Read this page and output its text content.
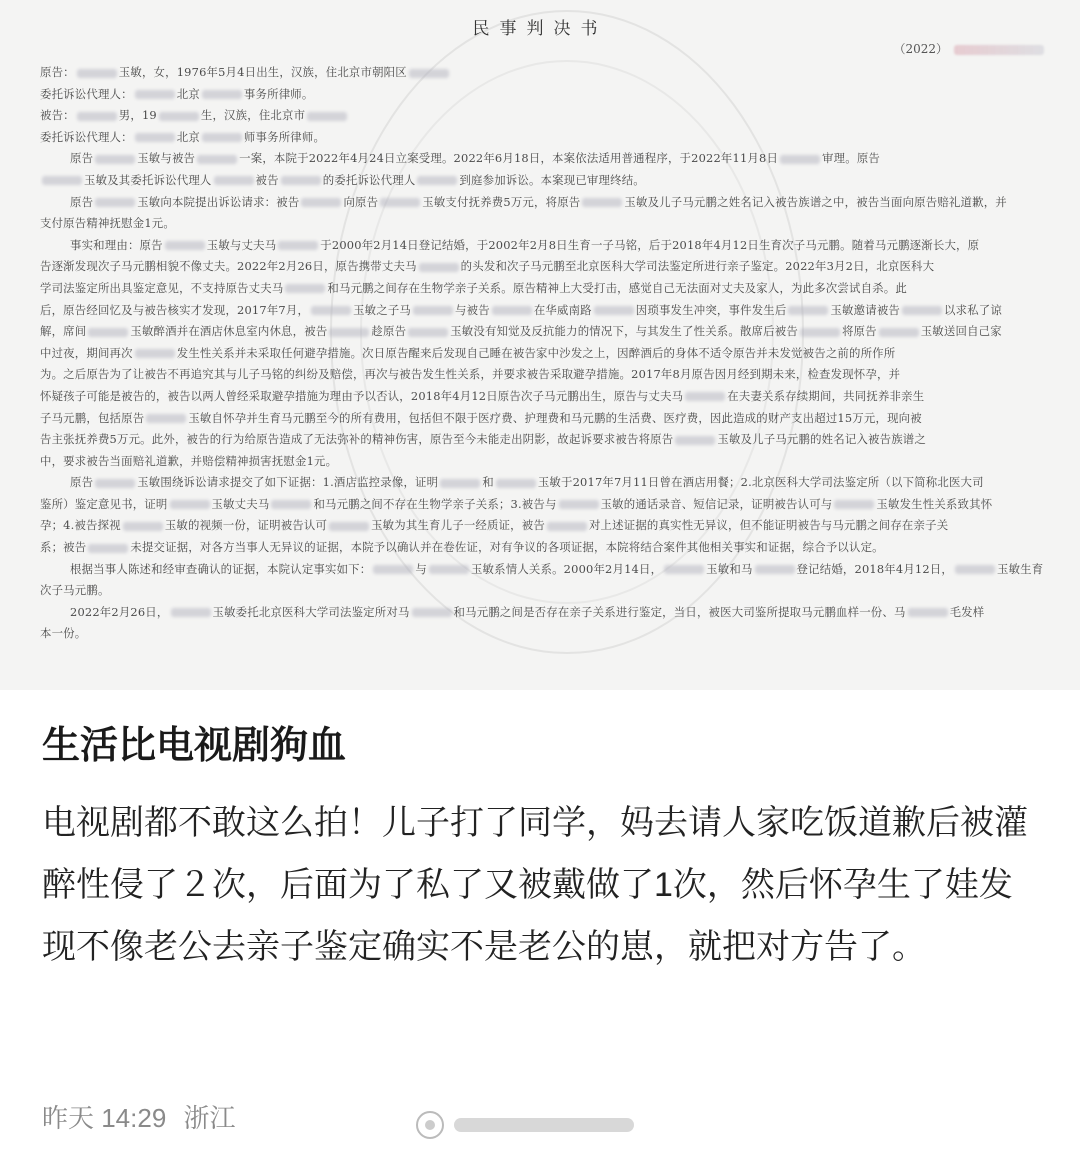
民事判决书
（2022）
原告：	玉敏，女，1976年5月4日出生，汉族，住北京市朝阳区
委托诉讼代理人：	北京	事务所律师。
被告：	男，19	生，汉族，住北京市
委托诉讼代理人：	北京	师事务所律师。
原告	玉敏与被告	一案，本院于2022年4月24日立案受理。2022年6月18日，本案依法适用普通程序，于2022年11月8日	审理。原告
玉敏及其委托诉讼代理人	被告	的委托诉讼代理人	到庭参加诉讼。本案现已审理终结。
原告	玉敏向本院提出诉讼请求：被告	向原告	玉敏支付抚养费5万元，将原告	玉敏及儿子马元鹏之姓名记入被告族谱之中，被告当面向原告赔礼道歉，并
支付原告精神抚慰金1元。
事实和理由：原告	玉敏与丈夫马	于2000年2月14日登记结婚，于2002年2月8日生育一子马铭，后于2018年4月12日生育次子马元鹏。随着马元鹏逐渐长大，原
告逐渐发现次子马元鹏相貌不像丈夫。2022年2月26日，原告携带丈夫马	的头发和次子马元鹏至北京医科大学司法鉴定所进行亲子鉴定。2022年3月2日，北京医科大
学司法鉴定所出具鉴定意见，不支持原告丈夫马	和马元鹏之间存在生物学亲子关系。原告精神上大受打击，感觉自己无法面对丈夫及家人，为此多次尝试自杀。此
后，原告经回忆及与被告核实才发现，2017年7月，	玉敏之子马	与被告	在华威南路	因琐事发生冲突，事件发生后	玉敏邀请被告	以求私了谅
解，席间	玉敏醉酒并在酒店休息室内休息，被告	趁原告	玉敏没有知觉及反抗能力的情况下，与其发生了性关系。散席后被告	将原告	玉敏送回自己家
中过夜，期间再次	发生性关系并未采取任何避孕措施。次日原告醒来后发现自己睡在被告家中沙发之上，因醉酒后的身体不适令原告并未发觉被告之前的所作所
为。之后原告为了让被告不再追究其与儿子马铭的纠纷及赔偿，再次与被告发生性关系，并要求被告采取避孕措施。2017年8月原告因月经到期未来，检查发现怀孕，并
怀疑孩子可能是被告的，被告以两人曾经采取避孕措施为理由予以否认，2018年4月12日原告次子马元鹏出生，原告与丈夫马	在夫妻关系存续期间，共同抚养非亲生
子马元鹏，包括原告	玉敏自怀孕并生育马元鹏至今的所有费用，包括但不限于医疗费、护理费和马元鹏的生活费、医疗费，因此造成的财产支出超过15万元，现向被
告主张抚养费5万元。此外，被告的行为给原告造成了无法弥补的精神伤害，原告至今未能走出阴影，故起诉要求被告将原告	玉敏及儿子马元鹏的姓名记入被告族谱之
中，要求被告当面赔礼道歉，并赔偿精神损害抚慰金1元。
原告	玉敏围绕诉讼请求提交了如下证据：1.酒店监控录像，证明	和	玉敏于2017年7月11日曾在酒店用餐；2.北京医科大学司法鉴定所（以下简称北医大司
鉴所）鉴定意见书，证明	玉敏丈夫马	和马元鹏之间不存在生物学亲子关系；3.被告与	玉敏的通话录音、短信记录，证明被告认可与	玉敏发生性关系致其怀
孕；4.被告探视	玉敏的视频一份，证明被告认可	玉敏为其生育儿子一经质证，被告	对上述证据的真实性无异议，但不能证明被告与马元鹏之间存在亲子关
系；被告	未提交证据，对各方当事人无异议的证据，本院予以确认并在卷佐证，对有争议的各项证据，本院将结合案件其他相关事实和证据，综合予以认定。
根据当事人陈述和经审查确认的证据，本院认定事实如下：	与	玉敏系情人关系。2000年2月14日，	玉敏和马	登记结婚，2018年4月12日，	玉敏生育
次子马元鹏。
2022年2月26日，	玉敏委托北京医科大学司法鉴定所对马	和马元鹏之间是否存在亲子关系进行鉴定，当日，被医大司鉴所提取马元鹏血样一份、马	毛发样
本一份。
生活比电视剧狗血

电视剧都不敢这么拍！儿子打了同学，妈去请人家吃饭道歉后被灌醉性侵了２次，后面为了私了又被戴做了1次，然后怀孕生了娃发现不像老公去亲子鉴定确实不是老公的崽，就把对方告了。

昨天 14:29 浙江
